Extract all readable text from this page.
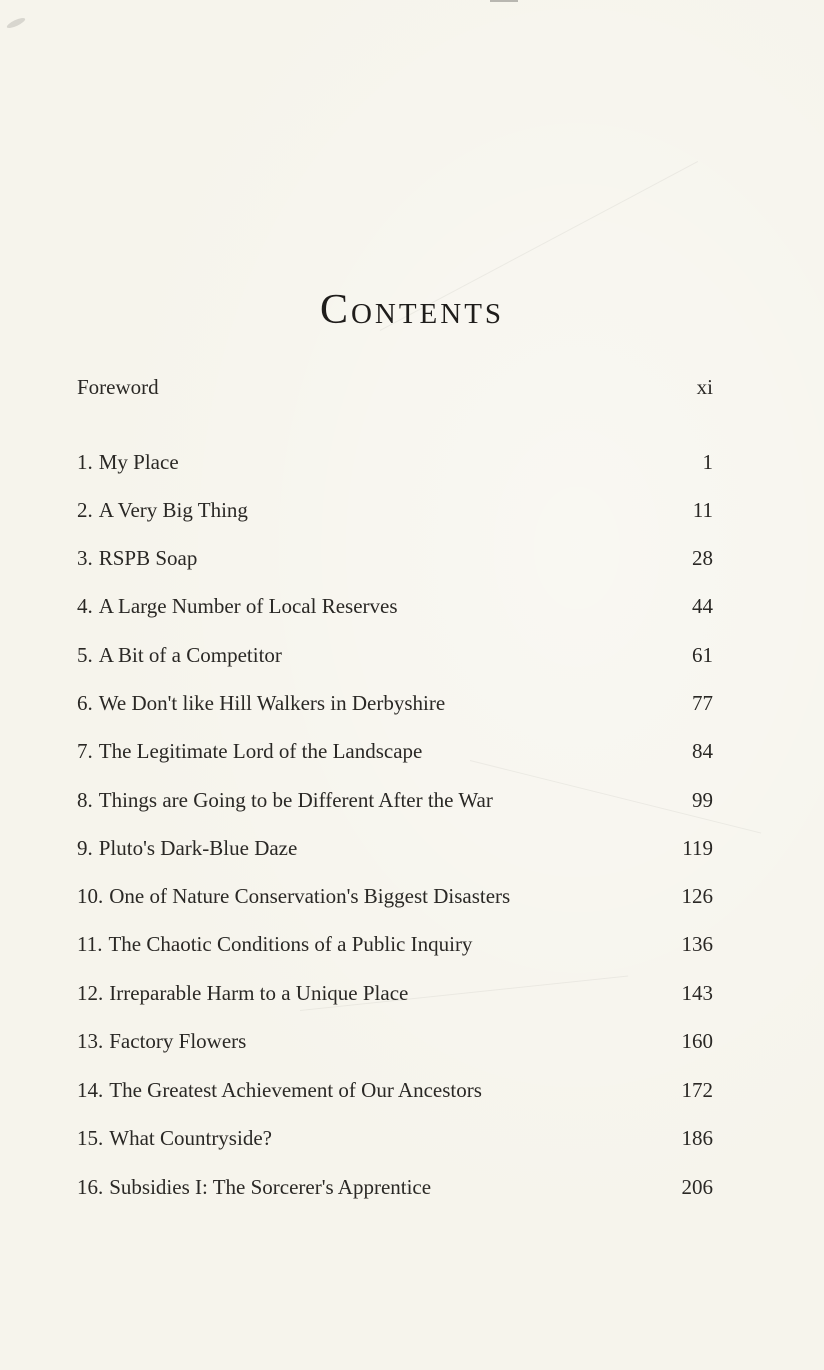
Contents
Foreword	xi
1. My Place	1
2. A Very Big Thing	11
3. RSPB Soap	28
4. A Large Number of Local Reserves	44
5. A Bit of a Competitor	61
6. We Don't like Hill Walkers in Derbyshire	77
7. The Legitimate Lord of the Landscape	84
8. Things are Going to be Different After the War	99
9. Pluto's Dark-Blue Daze	119
10. One of Nature Conservation's Biggest Disasters	126
11. The Chaotic Conditions of a Public Inquiry	136
12. Irreparable Harm to a Unique Place	143
13. Factory Flowers	160
14. The Greatest Achievement of Our Ancestors	172
15. What Countryside?	186
16. Subsidies I: The Sorcerer's Apprentice	206
